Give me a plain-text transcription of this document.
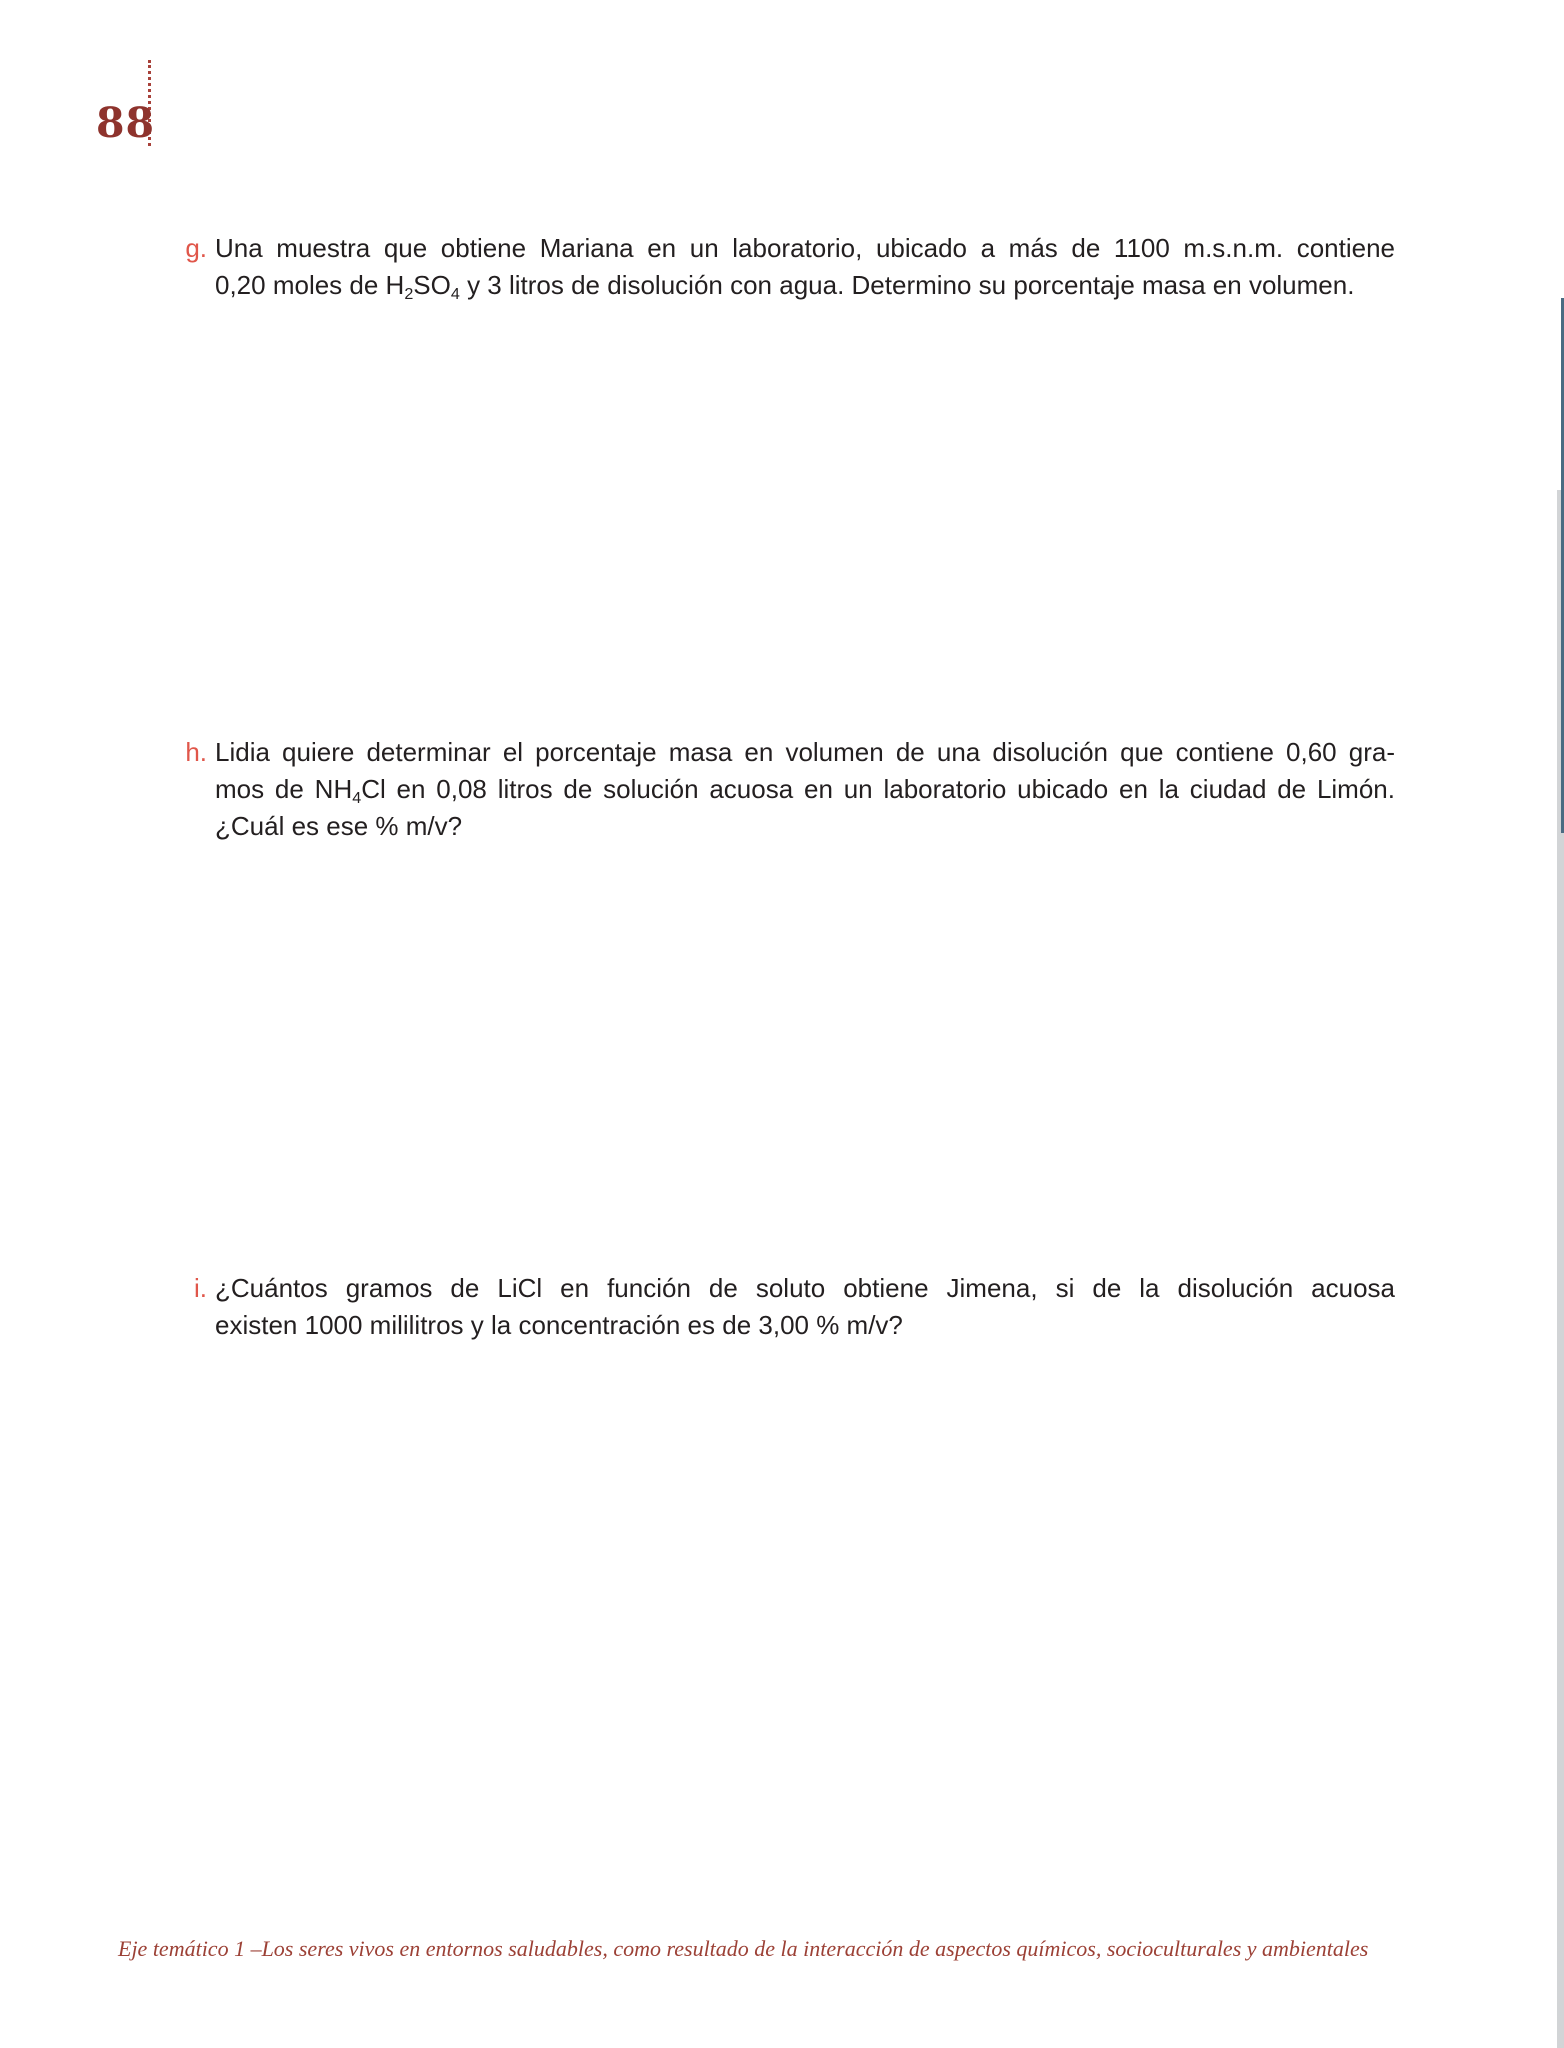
88
g. Una muestra que obtiene Mariana en un laboratorio, ubicado a más de 1100 m.s.n.m. contiene
0,20 moles de $H_2SO_4$ y 3 litros de disolución con agua. Determino su porcentaje masa en volumen.
h. Lidia quiere determinar el porcentaje masa en volumen de una disolución que contiene 0,60 gra-
mos de $NH_4Cl$ en 0,08 litros de solución acuosa en un laboratorio ubicado en la ciudad de Limón.
¿Cuál es ese % m/v?
i. ¿Cuántos gramos de LiCl en función de soluto obtiene Jimena, si de la disolución acuosa
existen 1000 mililitros y la concentración es de 3,00 % m/v?
Eje temático 1 –Los seres vivos en entornos saludables, como resultado de la interacción de aspectos químicos, socioculturales y ambientales
